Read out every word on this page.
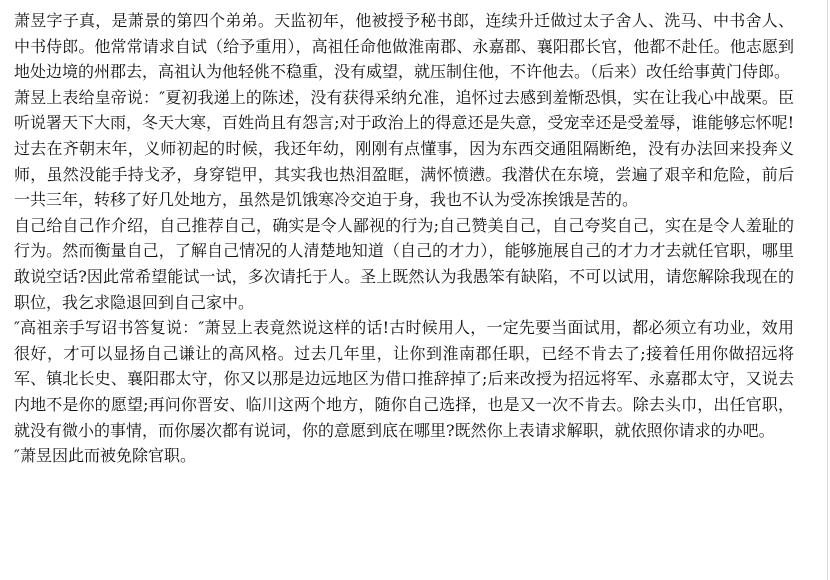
萧昱字子真，是萧景的第四个弟弟。天监初年，他被授予秘书郎，连续升迁做过太子舍人、洗马、中书舍人、中书侍郎。他常常请求自试（给予重用），高祖任命他做淮南郡、永嘉郡、襄阳郡长官，他都不赴任。他志愿到地处边境的州郡去，高祖认为他轻佻不稳重，没有威望，就压制住他，不许他去。（后来）改任给事黄门侍郎。

萧昱上表给皇帝说：″夏初我递上的陈述，没有获得采纳允准，追怀过去感到羞惭恐惧，实在让我心中战栗。臣听说署天下大雨，冬天大寒，百姓尚且有怨言;对于政治上的得意还是失意，受宠幸还是受羞辱，谁能够忘怀呢!过去在齐朝末年，义师初起的时候，我还年幼，刚刚有点懂事，因为东西交通阻隔断绝，没有办法回来投奔义师，虽然没能手持戈矛，身穿铠甲，其实我也热泪盈眶，满怀愤懑。我潜伏在东境，尝遍了艰辛和危险，前后一共三年，转移了好几处地方，虽然是饥饿寒冷交迫于身，我也不认为受冻挨饿是苦的。

自己给自己作介绍，自己推荐自己，确实是令人鄙视的行为;自己赞美自己，自己夸奖自己，实在是令人羞耻的行为。然而衡量自己，了解自己情况的人清楚地知道（自己的才力），能够施展自己的才力才去就任官职，哪里敢说空话?因此常希望能试一试，多次请托于人。圣上既然认为我愚笨有缺陷，不可以试用，请您解除我现在的职位，我乞求隐退回到自己家中。

″高祖亲手写诏书答复说：″萧昱上表竟然说这样的话!古时候用人，一定先要当面试用，都必须立有功业，效用很好，才可以显扬自己谦让的高风格。过去几年里，让你到淮南郡任职，已经不肯去了;接着任用你做招远将军、镇北长史、襄阳郡太守，你又以那是边远地区为借口推辞掉了;后来改授为招远将军、永嘉郡太守，又说去内地不是你的愿望;再问你晋安、临川这两个地方，随你自己选择，也是又一次不肯去。除去头巾，出任官职，就没有微小的事情，而你屡次都有说词，你的意愿到底在哪里?既然你上表请求解职，就依照你请求的办吧。

″萧昱因此而被免除官职。
